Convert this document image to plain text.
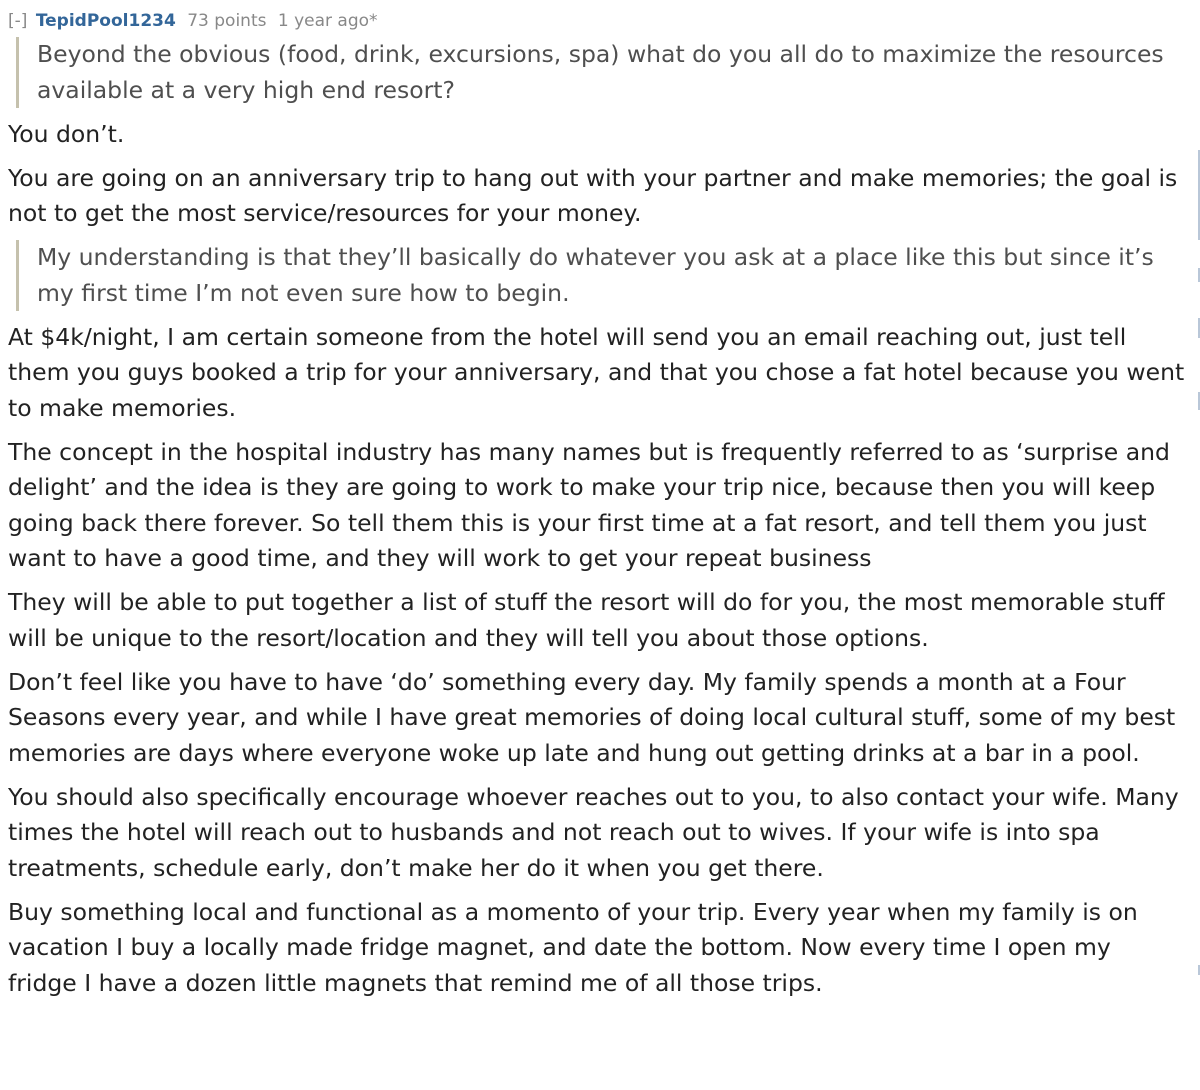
[-] TepidPool1234 73 points 1 year ago*

Beyond the obvious (food, drink, excursions, spa) what do you all do to maximize the resources available at a very high end resort?

You don’t.

You are going on an anniversary trip to hang out with your partner and make memories; the goal is not to get the most service/resources for your money.

My understanding is that they’ll basically do whatever you ask at a place like this but since it’s my first time I’m not even sure how to begin.

At $4k/night, I am certain someone from the hotel will send you an email reaching out, just tell them you guys booked a trip for your anniversary, and that you chose a fat hotel because you went to make memories.

The concept in the hospital industry has many names but is frequently referred to as ‘surprise and delight’ and the idea is they are going to work to make your trip nice, because then you will keep going back there forever. So tell them this is your first time at a fat resort, and tell them you just want to have a good time, and they will work to get your repeat business

They will be able to put together a list of stuff the resort will do for you, the most memorable stuff will be unique to the resort/location and they will tell you about those options.

Don’t feel like you have to have ‘do’ something every day. My family spends a month at a Four Seasons every year, and while I have great memories of doing local cultural stuff, some of my best memories are days where everyone woke up late and hung out getting drinks at a bar in a pool.

You should also specifically encourage whoever reaches out to you, to also contact your wife. Many times the hotel will reach out to husbands and not reach out to wives. If your wife is into spa treatments, schedule early, don’t make her do it when you get there.

Buy something local and functional as a momento of your trip. Every year when my family is on vacation I buy a locally made fridge magnet, and date the bottom. Now every time I open my fridge I have a dozen little magnets that remind me of all those trips.
